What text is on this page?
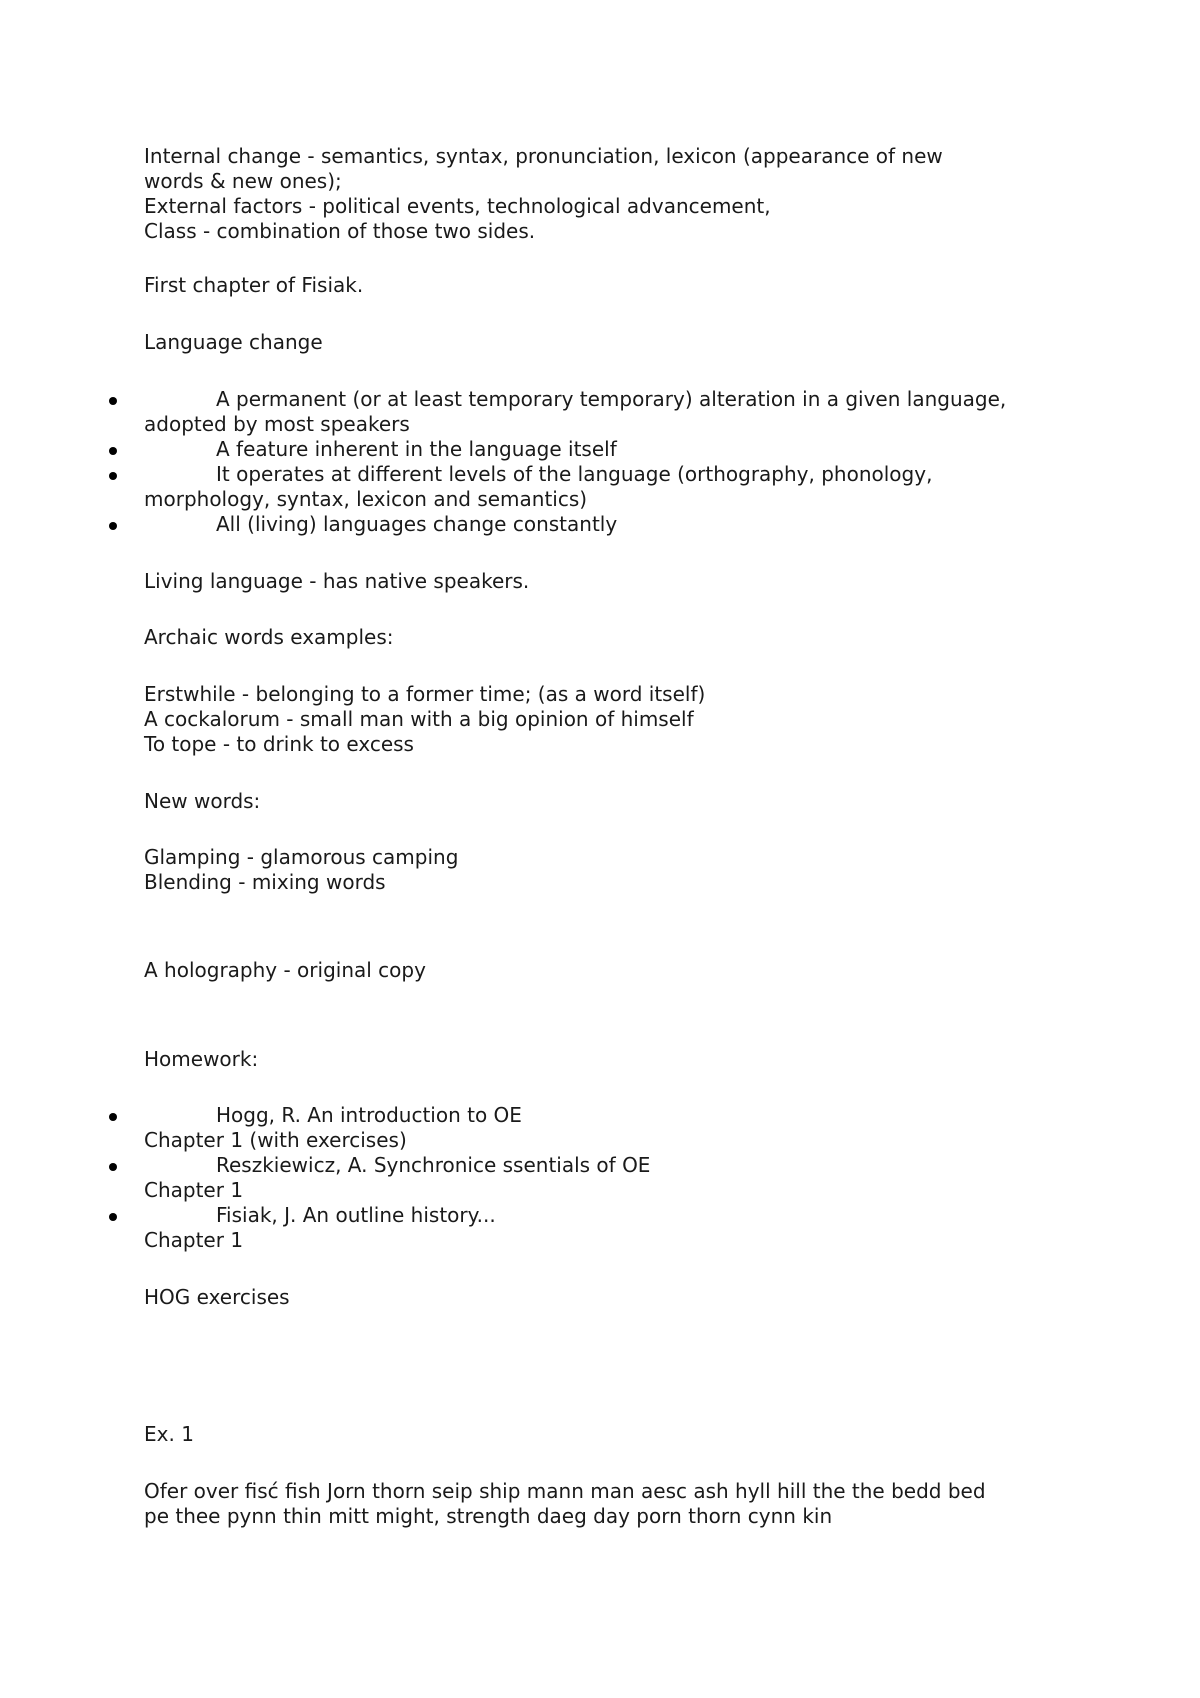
Internal change - semantics, syntax, pronunciation, lexicon (appearance of new

words & new ones);

External factors - political events, technological advancement,

Class - combination of those two sides.

First chapter of Fisiak.

Language change

A permanent (or at least temporary temporary) alteration in a given language,

adopted by most speakers

A feature inherent in the language itself

It operates at different levels of the language (orthography, phonology,

morphology, syntax, lexicon and semantics)

All (living) languages change constantly

Living language - has native speakers.

Archaic words examples:

Erstwhile - belonging to a former time; (as a word itself)

A cockalorum - small man with a big opinion of himself

To tope - to drink to excess

New words:

Glamping - glamorous camping

Blending - mixing words

A holography - original copy

Homework:

Hogg, R. An introduction to OE

Chapter 1 (with exercises)

Reszkiewicz, A. Synchronice ssentials of OE

Chapter 1

Fisiak, J. An outline history...

Chapter 1

HOG exercises

Ex. 1

Ofer over fisć fish Jorn thorn seip ship mann man aesc ash hyll hill the the bedd bed

pe thee pynn thin mitt might, strength daeg day porn thorn cynn kin
